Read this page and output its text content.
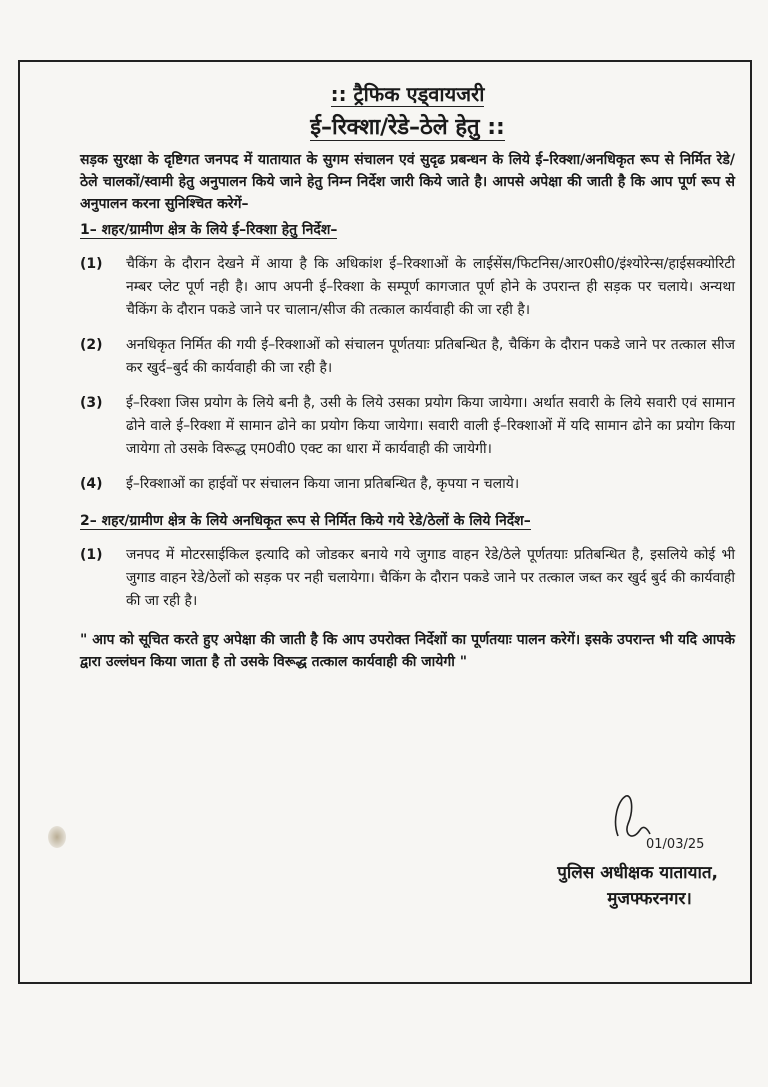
:: ट्रैफिक एड्वायजरी
ई–रिक्शा/रेडे–ठेले हेतु ::
सड़क सुरक्षा के दृष्टिगत जनपद में यातायात के सुगम संचालन एवं सुदृढ प्रबन्धन के लिये ई–रिक्शा/अनधिकृत रूप से निर्मित रेडे/ठेले चालकों/स्वामी हेतु अनुपालन किये जाने हेतु निम्न निर्देश जारी किये जाते है। आपसे अपेक्षा की जाती है कि आप पूर्ण रूप से अनुपालन करना सुनिश्चित करेगें–
1– शहर/ग्रामीण क्षेत्र के लिये ई–रिक्शा हेतु निर्देश–
(1)	चैकिंग के दौरान देखने में आया है कि अधिकांश ई–रिक्शाओं के लाईसेंस/फिटनिस/आर0सी0/इंश्योरेन्स/हाईसक्योरिटी नम्बर प्लेट पूर्ण नही है। आप अपनी ई–रिक्शा के सम्पूर्ण कागजात पूर्ण होने के उपरान्त ही सड़क पर चलाये। अन्यथा चैकिंग के दौरान पकडे जाने पर चालान/सीज की तत्काल कार्यवाही की जा रही है।
(2)	अनधिकृत निर्मित की गयी ई–रिक्शाओं को संचालन पूर्णतयाः प्रतिबन्धित है, चैकिंग के दौरान पकडे जाने पर तत्काल सीज कर खुर्द–बुर्द की कार्यवाही की जा रही है।
(3)	ई–रिक्शा जिस प्रयोग के लिये बनी है, उसी के लिये उसका प्रयोग किया जायेगा। अर्थात सवारी के लिये सवारी एवं सामान ढोने वाले ई–रिक्शा में सामान ढोने का प्रयोग किया जायेगा। सवारी वाली ई–रिक्शाओं में यदि सामान ढोने का प्रयोग किया जायेगा तो उसके विरूद्ध एम0वी0 एक्ट का धारा में कार्यवाही की जायेगी।
(4)	ई–रिक्शाओं का हाईवों पर संचालन किया जाना प्रतिबन्धित है, कृपया न चलाये।
2– शहर/ग्रामीण क्षेत्र के लिये अनधिकृत रूप से निर्मित किये गये रेडे/ठेलों के लिये निर्देश–
(1)	जनपद में मोटरसाईकिल इत्यादि को जोडकर बनाये गये जुगाड वाहन रेडे/ठेले पूर्णतयाः प्रतिबन्धित है, इसलिये कोई भी जुगाड वाहन रेडे/ठेलों को सड़क पर नही चलायेगा। चैकिंग के दौरान पकडे जाने पर तत्काल जब्त कर खुर्द बुर्द की कार्यवाही की जा रही है।
" आप को सूचित करते हुए अपेक्षा की जाती है कि आप उपरोक्त निर्देशों का पूर्णतयाः पालन करेगें। इसके उपरान्त भी यदि आपके द्वारा उल्लंघन किया जाता है तो उसके विरूद्ध तत्काल कार्यवाही की जायेगी "
01/03/25
पुलिस अधीक्षक यातायात,
मुजफ्फरनगर।
